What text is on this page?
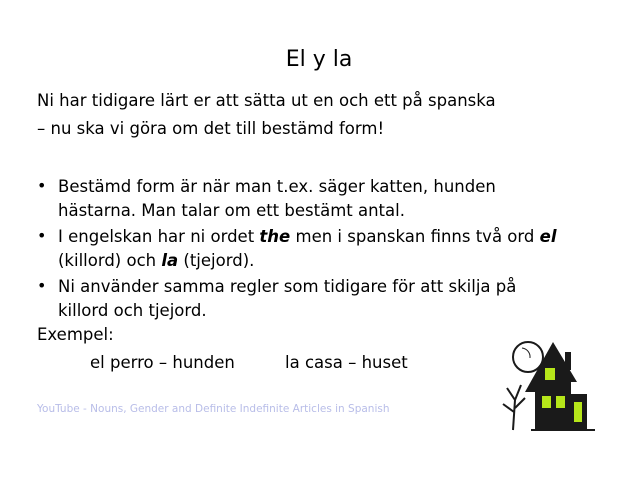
El y la
Ni har tidigare lärt er att sätta ut en och ett på spanska
– nu ska vi göra om det till bestämd form!
• Bestämd form är när man t.ex. säger katten, hunden
hästarna. Man talar om ett bestämt antal.
• I engelskan har ni ordet the men i spanskan finns två ord el
(killord) och la (tjejord).
• Ni använder samma regler som tidigare för att skilja på
killord och tjejord.
Exempel:
el perro – hunden	la casa – huset
YouTube - Nouns, Gender and Definite Indefinite Articles in Spanish
